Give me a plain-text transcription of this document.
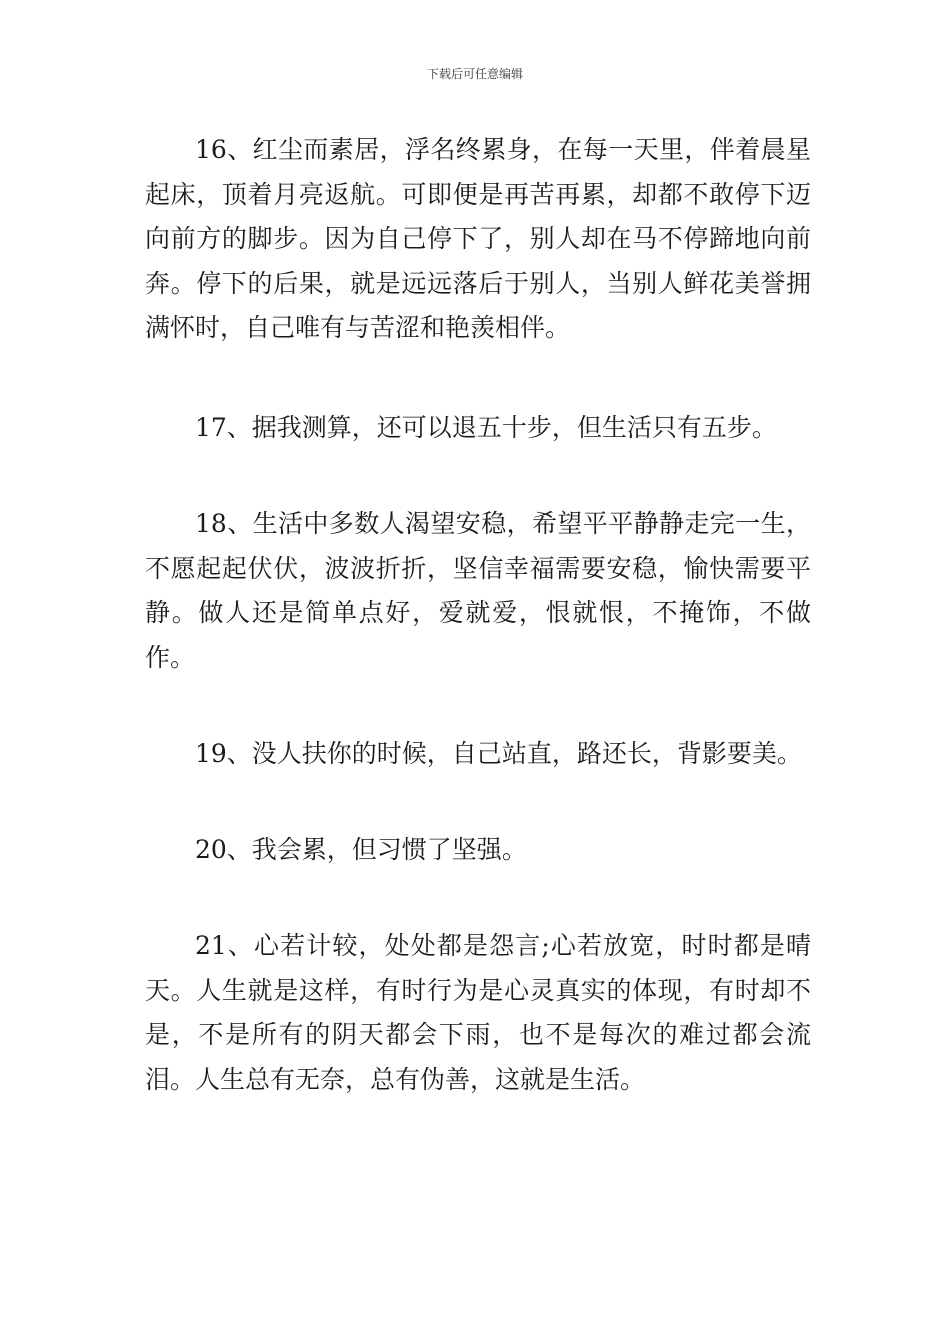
下载后可任意编辑

16、红尘而素居，浮名终累身，在每一天里，伴着晨星起床，顶着月亮返航。可即便是再苦再累，却都不敢停下迈向前方的脚步。因为自己停下了，别人却在马不停蹄地向前奔。停下的后果，就是远远落后于别人，当别人鲜花美誉拥满怀时，自己唯有与苦涩和艳羡相伴。

17、据我测算，还可以退五十步，但生活只有五步。

18、生活中多数人渴望安稳，希望平平静静走完一生，不愿起起伏伏，波波折折，坚信幸福需要安稳，愉快需要平静。做人还是简单点好，爱就爱，恨就恨，不掩饰，不做作。

19、没人扶你的时候，自己站直，路还长，背影要美。

20、我会累，但习惯了坚强。

21、心若计较，处处都是怨言;心若放宽，时时都是晴天。人生就是这样，有时行为是心灵真实的体现，有时却不是，不是所有的阴天都会下雨，也不是每次的难过都会流泪。人生总有无奈，总有伪善，这就是生活。
